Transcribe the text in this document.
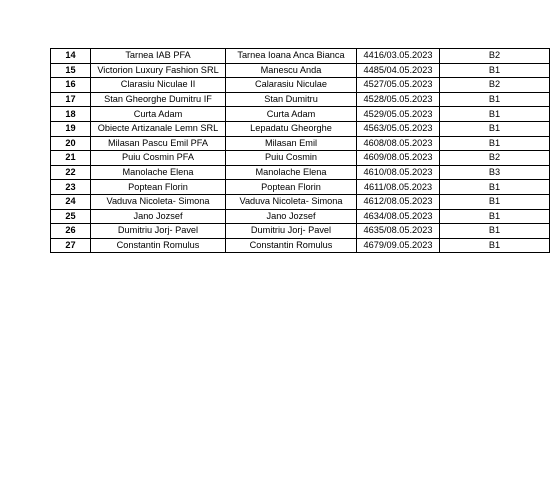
14	Tarnea IAB PFA	Tarnea Ioana Anca Bianca	4416/03.05.2023	B2
15	Victorion Luxury Fashion SRL	Manescu Anda	4485/04.05.2023	B1
16	Clarasiu Niculae II	Calarasiu Niculae	4527/05.05.2023	B2
17	Stan Gheorghe Dumitru IF	Stan Dumitru	4528/05.05.2023	B1
18	Curta Adam	Curta Adam	4529/05.05.2023	B1
19	Obiecte Artizanale Lemn SRL	Lepadatu Gheorghe	4563/05.05.2023	B1
20	Milasan Pascu Emil PFA	Milasan Emil	4608/08.05.2023	B1
21	Puiu Cosmin PFA	Puiu Cosmin	4609/08.05.2023	B2
22	Manolache Elena	Manolache Elena	4610/08.05.2023	B3
23	Poptean Florin	Poptean Florin	4611/08.05.2023	B1
24	Vaduva Nicoleta- Simona	Vaduva Nicoleta- Simona	4612/08.05.2023	B1
25	Jano Jozsef	Jano Jozsef	4634/08.05.2023	B1
26	Dumitriu Jorj- Pavel	Dumitriu Jorj- Pavel	4635/08.05.2023	B1
27	Constantin Romulus	Constantin Romulus	4679/09.05.2023	B1
